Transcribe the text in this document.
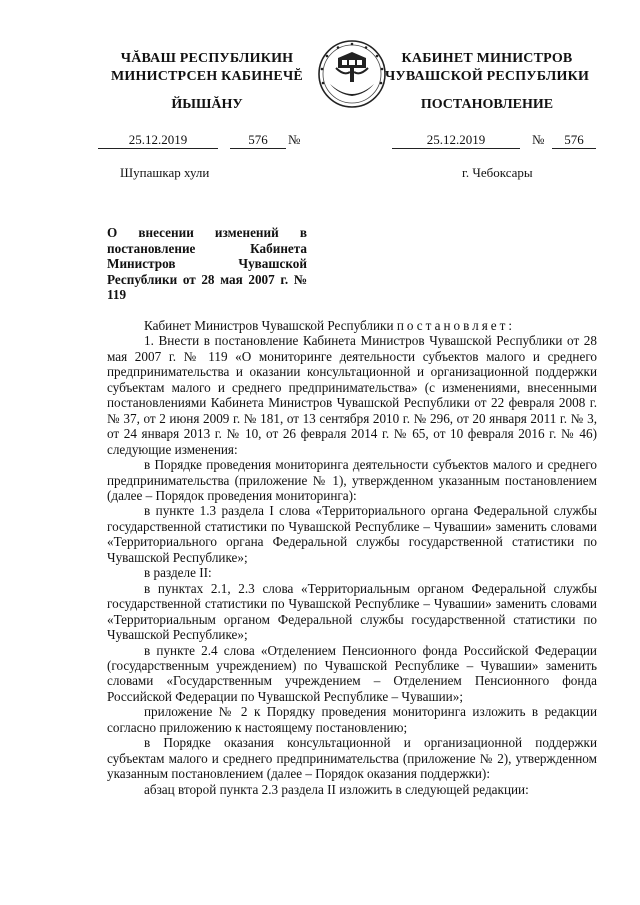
ЧĂВАШ РЕСПУБЛИКИН
МИНИСТРСЕН КАБИНЕЧĔ
ЙЫШĂНУ
КАБИНЕТ МИНИСТРОВ
ЧУВАШСКОЙ РЕСПУБЛИКИ
ПОСТАНОВЛЕНИЕ
25.12.2019	576	№	25.12.2019	№	576
Шупашкар хули	г. Чебоксары
О внесении изменений в постановление Кабинета Министров Чувашской Республики от 28 мая 2007 г. № 119

Кабинет Министров Чувашской Республики постановляет:

1. Внести в постановление Кабинета Министров Чувашской Республики от 28 мая 2007 г. № 119 «О мониторинге деятельности субъектов малого и среднего предпринимательства и оказании консультационной и организационной поддержки субъектам малого и среднего предпринимательства» (с изменениями, внесенными постановлениями Кабинета Министров Чувашской Республики от 22 февраля 2008 г. № 37, от 2 июня 2009 г. № 181, от 13 сентября 2010 г. № 296, от 20 января 2011 г. № 3, от 24 января 2013 г. № 10, от 26 февраля 2014 г. № 65, от 10 февраля 2016 г. № 46) следующие изменения:

в Порядке проведения мониторинга деятельности субъектов малого и среднего предпринимательства (приложение № 1), утвержденном указанным постановлением (далее – Порядок проведения мониторинга):

в пункте 1.3 раздела I слова «Территориального органа Федеральной службы государственной статистики по Чувашской Республике – Чувашии» заменить словами «Территориального органа Федеральной службы государственной статистики по Чувашской Республике»;

в разделе II:

в пунктах 2.1, 2.3 слова «Территориальным органом Федеральной службы государственной статистики по Чувашской Республике – Чувашии» заменить словами «Территориальным органом Федеральной службы государственной статистики по Чувашской Республике»;

в пункте 2.4 слова «Отделением Пенсионного фонда Российской Федерации (государственным учреждением) по Чувашской Республике – Чувашии» заменить словами «Государственным учреждением – Отделением Пенсионного фонда Российской Федерации по Чувашской Республике – Чувашии»;

приложение № 2 к Порядку проведения мониторинга изложить в редакции согласно приложению к настоящему постановлению;

в Порядке оказания консультационной и организационной поддержки субъектам малого и среднего предпринимательства (приложение № 2), утвержденном указанным постановлением (далее – Порядок оказания поддержки):

абзац второй пункта 2.3 раздела II изложить в следующей редакции:
